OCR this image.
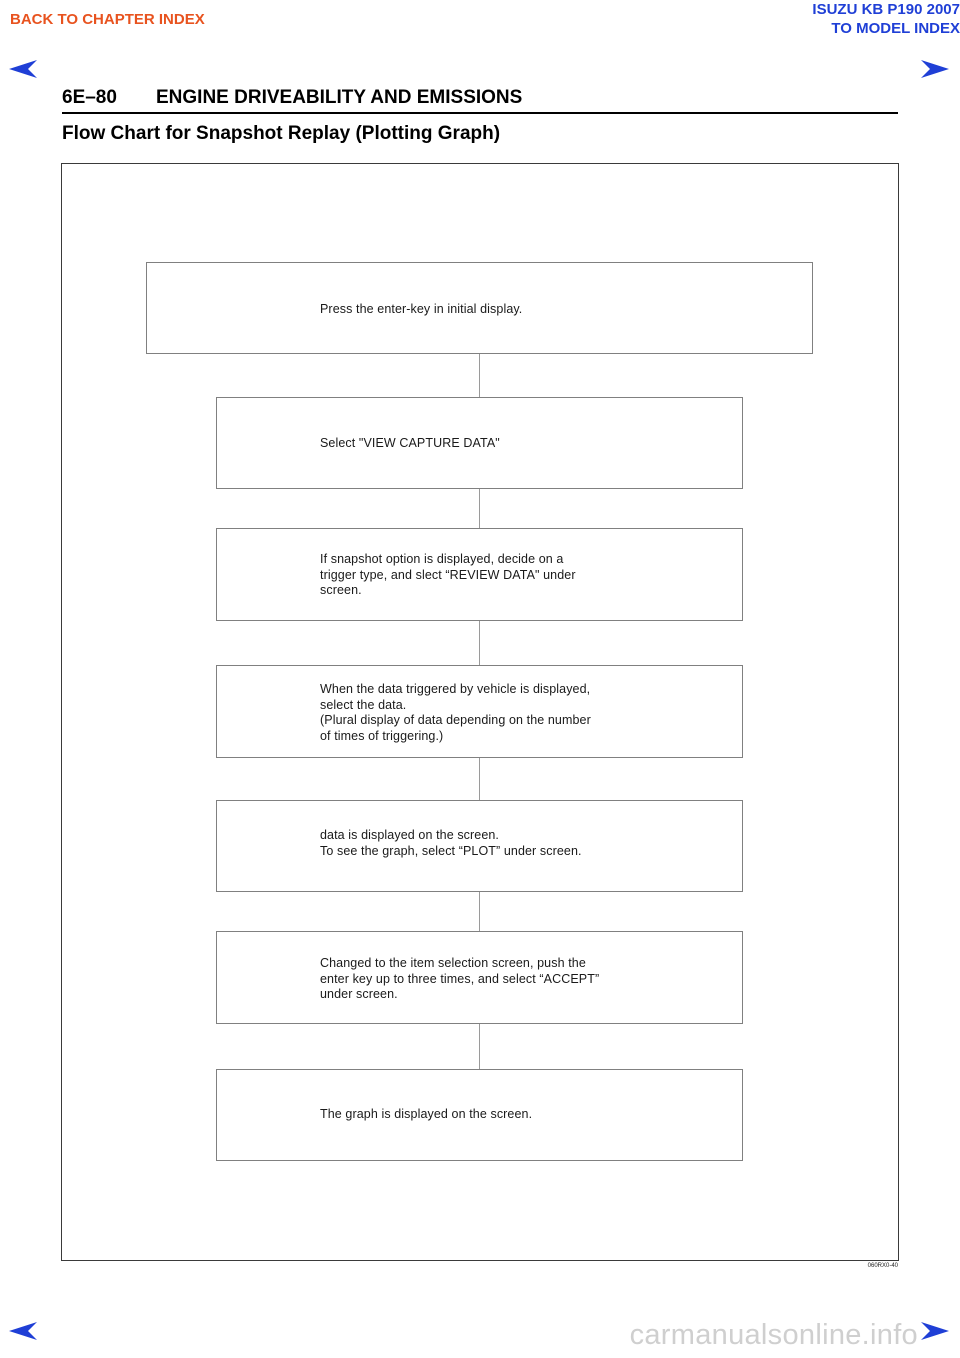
BACK TO CHAPTER INDEX
ISUZU KB P190 2007
TO MODEL INDEX
6E–80 ENGINE DRIVEABILITY AND EMISSIONS
Flow Chart for Snapshot Replay (Plotting Graph)
Press the enter-key in initial display.
Select "VIEW CAPTURE DATA"
If snapshot option is displayed, decide on a
trigger type, and slect “REVIEW DATA" under
screen.
When the data triggered by vehicle is displayed,
select the data.
(Plural display of data depending on the number
of times of triggering.)
data is displayed on the screen.
To see the graph, select “PLOT” under screen.
Changed to the item selection screen, push the
enter key up to three times, and select “ACCEPT”
under screen.
The graph is displayed on the screen.
060RX0-40
carmanualsonline.info
